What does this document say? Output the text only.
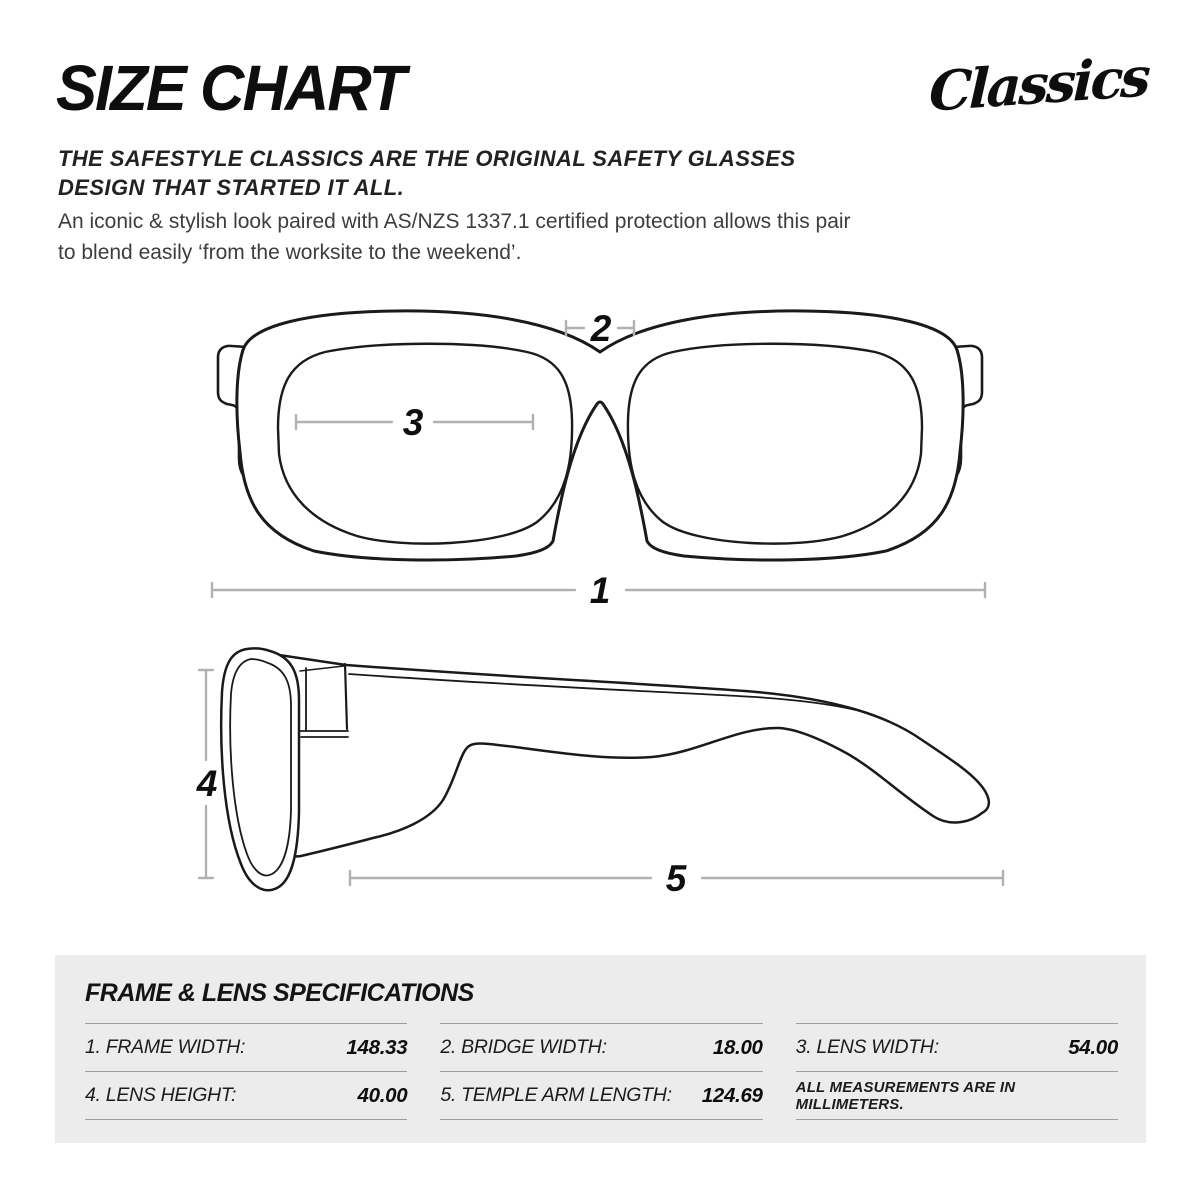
SIZE CHART	Classics
THE SAFESTYLE CLASSICS ARE THE ORIGINAL SAFETY GLASSES
DESIGN THAT STARTED IT ALL.
An iconic & stylish look paired with AS/NZS 1337.1 certified protection allows this pair
to blend easily ‘from the worksite to the weekend’.
2
3
1
4
5
FRAME & LENS SPECIFICATIONS
1. FRAME WIDTH:	148.33 2. BRIDGE WIDTH:	18.00 3. LENS WIDTH:	54.00
4. LENS HEIGHT:	40.00 5. TEMPLE ARM LENGTH: 124.69 ALL MEASUREMENTS ARE IN MILLIMETERS.
